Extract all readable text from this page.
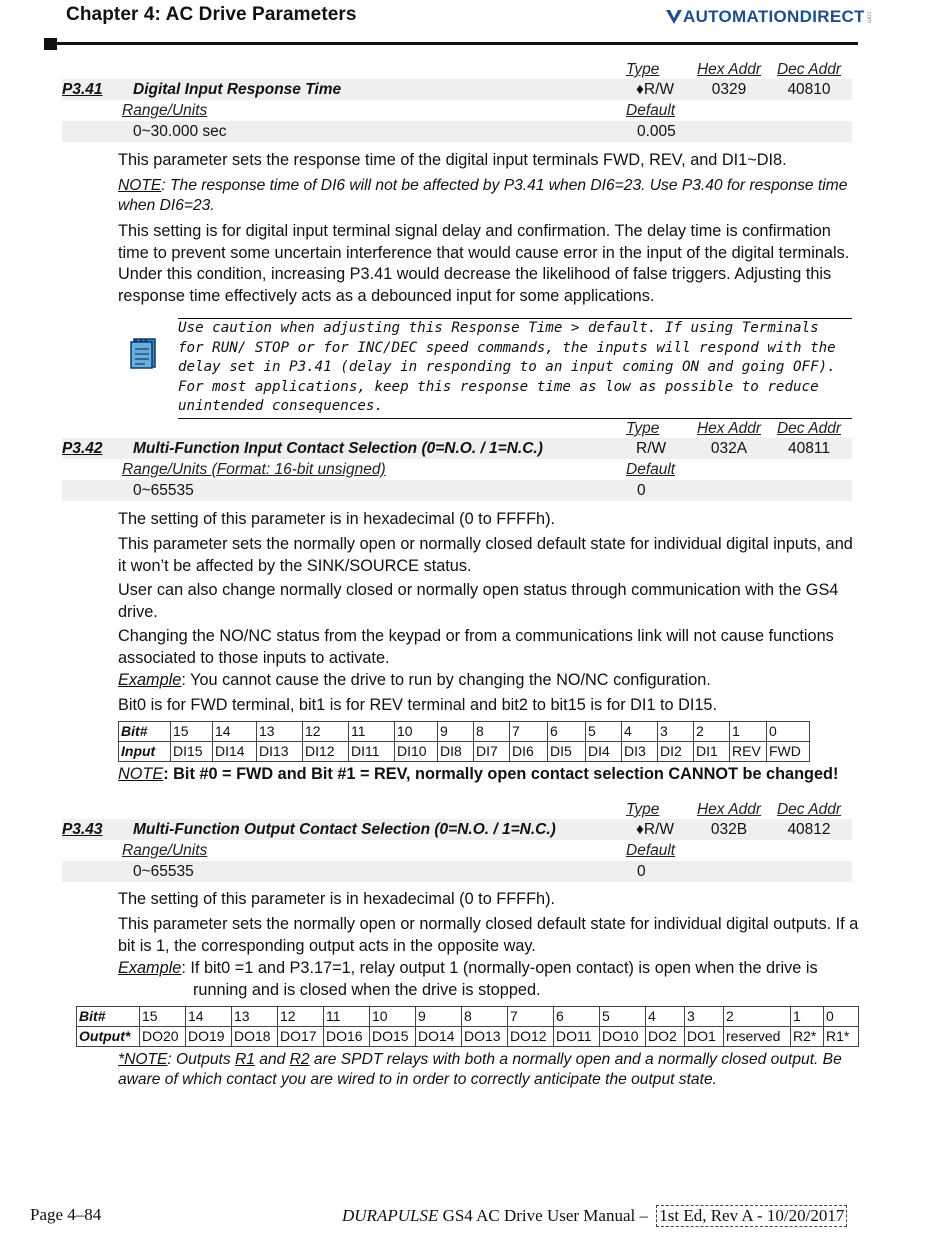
Chapter 4: AC Drive Parameters	AUTOMATIONDIRECT .com
Type	Hex Addr	Dec Addr
P3.41 Digital Input Response Time	♦R/W	0329	40810
Range/Units	Default
0~30.000 sec	0.005
This parameter sets the response time of the digital input terminals FWD, REV, and DI1~DI8.
NOTE: The response time of DI6 will not be affected by P3.41 when DI6=23. Use P3.40 for response time when DI6=23.
This setting is for digital input terminal signal delay and confirmation. The delay time is confirmation time to prevent some uncertain interference that would cause error in the input of the digital terminals. Under this condition, increasing P3.41 would decrease the likelihood of false triggers. Adjusting this response time effectively acts as a debounced input for some applications.
Use caution when adjusting this Response Time > default. If using Terminals for RUN/ STOP or for INC/DEC speed commands, the inputs will respond with the delay set in P3.41 (delay in responding to an input coming ON and going OFF). For most applications, keep this response time as low as possible to reduce unintended consequences.
Type	Hex Addr	Dec Addr
P3.42 Multi-Function Input Contact Selection (0=N.O. / 1=N.C.)	R/W	032A	40811
Range/Units (Format: 16-bit unsigned)	Default
0~65535	0
The setting of this parameter is in hexadecimal (0 to FFFFh).
This parameter sets the normally open or normally closed default state for individual digital inputs, and it won’t be affected by the SINK/SOURCE status.
User can also change normally closed or normally open status through communication with the GS4 drive.
Changing the NO/NC status from the keypad or from a communications link will not cause functions associated to those inputs to activate.
Example: You cannot cause the drive to run by changing the NO/NC configuration.
Bit0 is for FWD terminal, bit1 is for REV terminal and bit2 to bit15 is for DI1 to DI15.
Bit#	15	14	13	12	11	10	9	8	7	6	5	4	3	2	1	0
Input	DI15	DI14	DI13	DI12	DI11	DI10	DI8	DI7	DI6	DI5	DI4	DI3	DI2	DI1	REV	FWD
NOTE: Bit #0 = FWD and Bit #1 = REV, normally open contact selection CANNOT be changed!
Type	Hex Addr	Dec Addr
P3.43 Multi-Function Output Contact Selection (0=N.O. / 1=N.C.)	♦R/W	032B	40812
Range/Units	Default
0~65535	0
The setting of this parameter is in hexadecimal (0 to FFFFh).
This parameter sets the normally open or normally closed default state for individual digital outputs. If a bit is 1, the corresponding output acts in the opposite way.
Example: If bit0 =1 and P3.17=1, relay output 1 (normally-open contact) is open when the drive is
running and is closed when the drive is stopped.
Bit#	15	14	13	12	11	10	9	8	7	6	5	4	3	2	1	0
Output*	DO20	DO19	DO18	DO17	DO16	DO15	DO14	DO13	DO12	DO11	DO10	DO2	DO1	reserved	R2*	R1*
*NOTE: Outputs R1 and R2 are SPDT relays with both a normally open and a normally closed output. Be aware of which contact you are wired to in order to correctly anticipate the output state.
Page 4–84	DURA PULSE GS4 AC Drive User Manual – 1st Ed, Rev A - 10/20/2017
